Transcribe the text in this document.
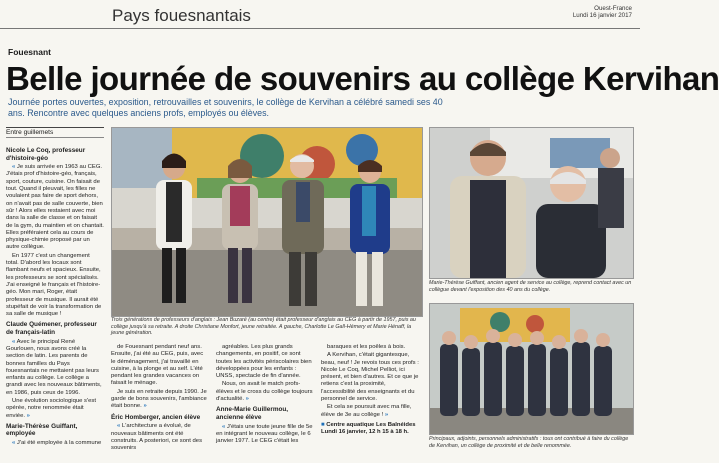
Pays fouesnantais	Ouest-France
Lundi 16 janvier 2017
Fouesnant
Belle journée de souvenirs au collège Kervihan
Journée portes ouvertes, exposition, retrouvailles et souvenirs, le collège de Kervihan a célébré samedi ses 40 ans. Rencontre avec quelques anciens profs, employés ou élèves.
Entre guillemets
Nicole Le Coq, professeur d'histoire-géo

« Je suis arrivée en 1963 au CEG. J'étais prof d'histoire-géo, français, sport, couture, cuisine. On faisait de tout. Quand il pleuvait, les filles ne voulaient pas faire de sport dehors, on n'avait pas de salle couverte, bien sûr ! Alors elles restaient avec moi dans la salle de classe et on faisait de la gym, du maintien et on chantait. Elles préféraient cela au cours de physique-chimie proposé par un autre collègue.

En 1977 c'est un changement total. D'abord les locaux sont flambant neufs et spacieux. Ensuite, les professeurs se sont spécialisés. J'ai enseigné le français et l'histoire-géo. Mon mari, Roger, était professeur de musique. Il aurait été stupéfait de voir la transformation de sa salle de musique !

Claude Quémener, professeur de français-latin

« Avec le principal René Gourlouen, nous avons créé la section de latin. Les parents de bonnes familles du Pays fouesnantais ne mettaient pas leurs enfants au collège. Le collège a grandi avec les nouveaux bâtiments, en 1986, puis ceux de 1996.

Une évolution sociologique s'est opérée, notre renommée était enviée. »

Marie-Thérèse Guiffant, employée

« J'ai été employée à la commune

Trois générations de professeurs d'anglais : Jean Buzaré (au centre) était professeur d'anglais au CEG à partir de 1957, puis au collège jusqu'à sa retraite. A droite Christiane Monfort, jeune retraitée. A gauche, Charlotte Le Gall-Hémery et Marie Hénaff, la jeune génération.

de Fouesnant pendant neuf ans. Ensuite, j'ai été au CEG, puis, avec le déménagement, j'ai travaillé en cuisine, à la plonge et au self. L'été pendant les grandes vacances on faisait le ménage.

Je suis en retraite depuis 1990. Je garde de bons souvenirs, l'ambiance était bonne. »

Éric Homberger, ancien élève

« L'architecture a évolué, de nouveaux bâtiments ont été construits. A posteriori, ce sont des souvenirs

agréables. Les plus grands changements, en positif, ce sont toutes les activités périscolaires bien développées pour les enfants : UNSS, spectacle de fin d'année.

Nous, on avait le match profs-élèves et le cross du collège toujours d'actualité. »

Anne-Marie Guillermou, ancienne élève

« J'étais une toute jeune fille de 5e en intégrant le nouveau collège, le 6 janvier 1977. Le CEG c'était les

baraques et les poêles à bois.

A Kervihan, c'était gigantesque, beau, neuf ! Je revois tous ces profs : Nicole Le Coq, Michel Pelliot, ici présent, et bien d'autres. Et ce que je retiens c'est la proximité, l'accessibilité des enseignants et du personnel de service.

Et cela se poursuit avec ma fille, élève de 3e au collège ! »

■ Centre aquatique Les Balnéides
Lundi 16 janvier, 12 h 15 à 18 h.
Marie-Thérèse Guiffant, ancien agent de service au collège, reprend contact avec un collègue devant l'exposition des 40 ans du collège.
Principaux, adjoints, personnels administratifs : tous ont contribué à faire du collège de Kervihan, un collège de proximité et de belle renommée.
